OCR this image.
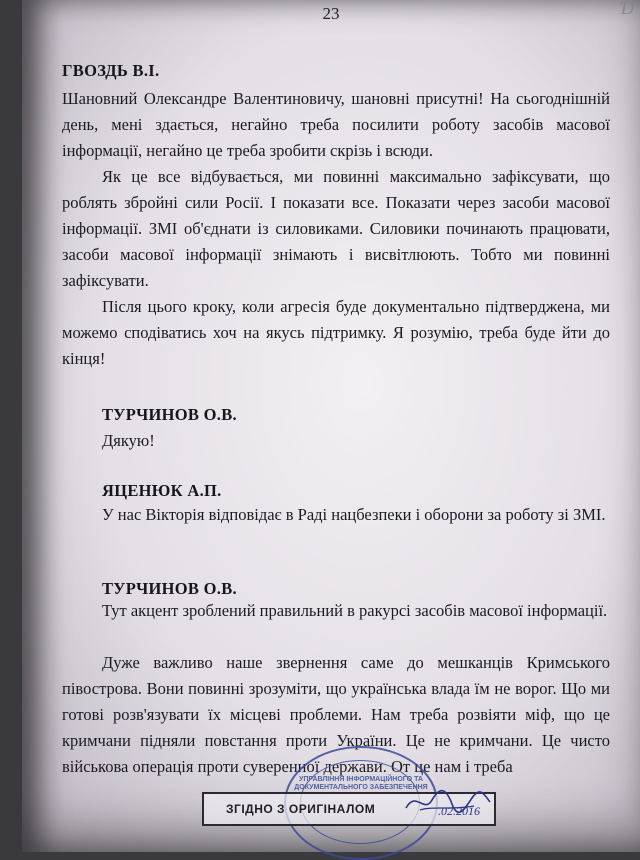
23	Ɗ
ГВОЗДЬ В.І.
Шановний Олександре Валентиновичу, шановні присутні! На сьогоднішній день, мені здається, негайно треба посилити роботу засобів масової інформації, негайно це треба зробити скрізь і всюди.
Як це все відбувається, ми повинні максимально зафіксувати, що роблять збройні сили Росії. І показати все. Показати через засоби масової інформації. ЗМІ об'єднати із силовиками. Силовики починають працювати, засоби масової інформації знімають і висвітлюють. Тобто ми повинні зафіксувати.
Після цього кроку, коли агресія буде документально підтверджена, ми можемо сподіватись хоч на якусь підтримку. Я розумію, треба буде йти до кінця!
ТУРЧИНОВ О.В.
Дякую!
ЯЦЕНЮК А.П.
У нас Вікторія відповідає в Раді нацбезпеки і оборони за роботу зі ЗМІ.
ТУРЧИНОВ О.В.
Тут акцент зроблений правильний в ракурсі засобів масової інформації.
Дуже важливо наше звернення саме до мешканців Кримського півострова. Вони повинні зрозуміти, що українська влада їм не ворог. Що ми готові розв'язувати їх місцеві проблеми. Нам треба розвіяти міф, що це кримчани підняли повстання проти України. Це не кримчани. Це чисто військова операція проти суверенної держави. От це нам і треба
УПРАВЛІННЯ ІНФОРМАЦІЙНОГО ТА ДОКУМЕНТАЛЬНОГО ЗАБЕЗПЕЧЕННЯ
ЗГІДНО З ОРИГІНАЛОМ	.02.2016
